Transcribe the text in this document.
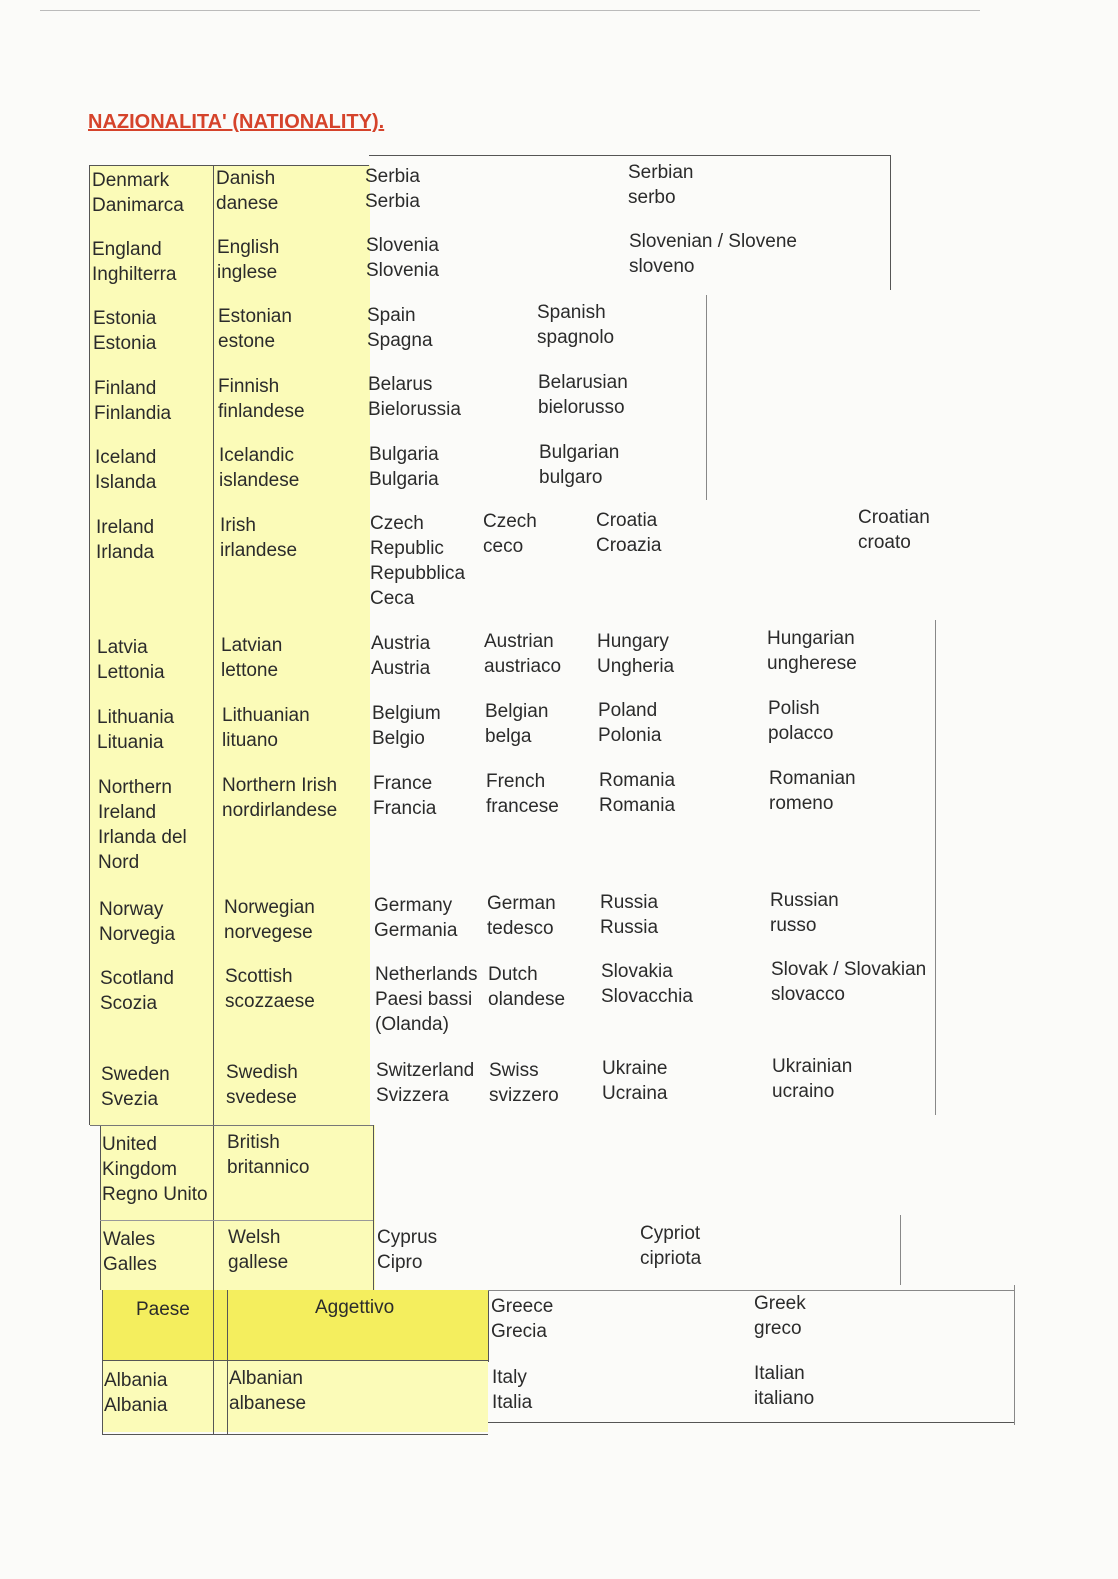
NAZIONALITA' (NATIONALITY).
Denmark
Danimarca
Danish
danese
England
Inghilterra
English
inglese
Estonia
Estonia
Estonian
estone
Finland
Finlandia
Finnish
finlandese
Iceland
Islanda
Icelandic
islandese
Ireland
Irlanda
Irish
irlandese
Latvia
Lettonia
Latvian
lettone
Lithuania
Lituania
Lithuanian
lituano
Northern
Ireland
Irlanda del
Nord
Northern Irish
nordirlandese
Norway
Norvegia
Norwegian
norvegese
Scotland
Scozia
Scottish
scozzaese
Sweden
Svezia
Swedish
svedese
United
Kingdom
Regno Unito
British
britannico
Wales
Galles
Welsh
gallese
Paese	Aggettivo
Albania
Albania
Albanian
albanese
Serbia
Serbia
Serbian
serbo
Slovenia
Slovenia
Slovenian / Slovene
sloveno
Spain
Spagna
Spanish
spagnolo
Belarus
Bielorussia
Belarusian
bielorusso
Bulgaria
Bulgaria
Bulgarian
bulgaro
Czech
Republic
Repubblica
Ceca
Czech
ceco
Croatia
Croazia
Croatian
croato
Austria
Austria
Austrian
austriaco
Hungary
Ungheria
Hungarian
ungherese
Belgium
Belgio
Belgian
belga
Poland
Polonia
Polish
polacco
France
Francia
French
francese
Romania
Romania
Romanian
romeno
Germany
Germania
German
tedesco
Russia
Russia
Russian
russo
Netherlands
Paesi bassi
(Olanda)
Dutch
olandese
Slovakia
Slovacchia
Slovak / Slovakian
slovacco
Switzerland
Svizzera
Swiss
svizzero
Ukraine
Ucraina
Ukrainian
ucraino
Cyprus
Cipro
Cypriot
cipriota
Greece
Grecia
Greek
greco
Italy
Italia
Italian
italiano
